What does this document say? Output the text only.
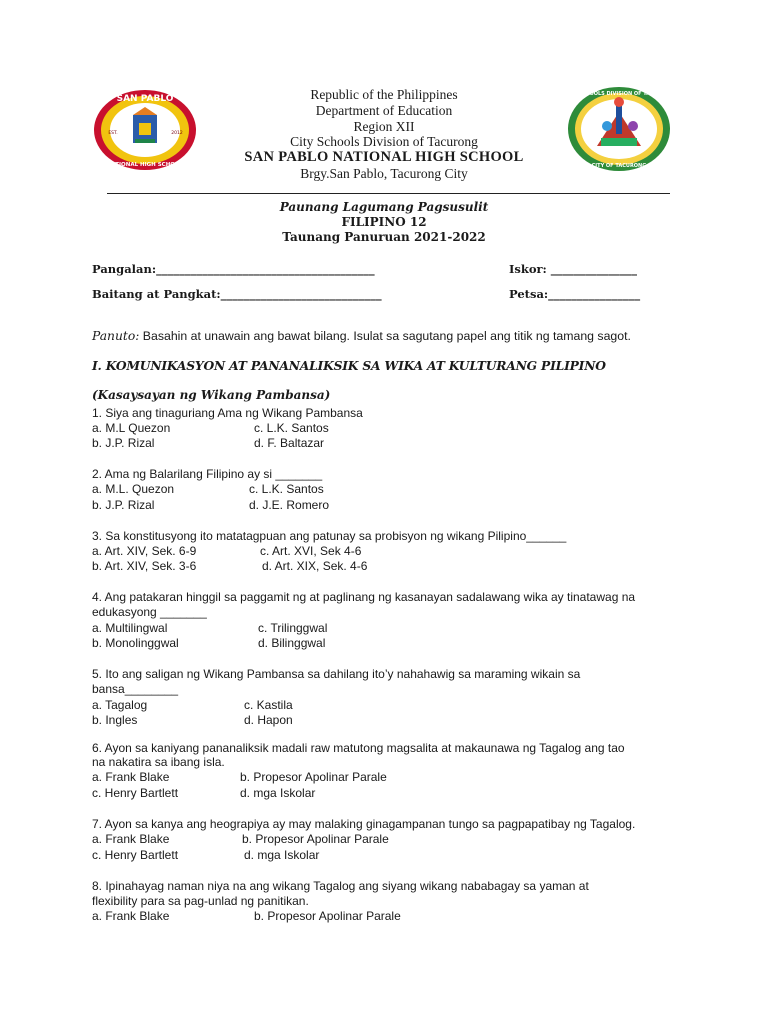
SAN PABLO
NATIONAL HIGH SCHOOL
EST.	2012
CITY SCHOOLS DIVISION OF TACURONG
CITY OF TACURONG
Republic of the Philippines
Department of Education
Region XII
City Schools Division of Tacurong
SAN PABLO NATIONAL HIGH SCHOOL
Brgy.San Pablo, Tacurong City
Paunang Lagumang Pagsusulit
FILIPINO 12
Taunang Panuruan 2021-2022
Pangalan:______________________________________	Iskor: _______________
Baitang at Pangkat:____________________________	Petsa:________________
Panuto: Basahin at unawain ang bawat bilang. Isulat sa sagutang papel ang titik ng tamang sagot.
I. KOMUNIKASYON AT PANANALIKSIK SA WIKA AT KULTURANG PILIPINO
(Kasaysayan ng Wikang Pambansa)
1. Siya ang tinaguriang Ama ng Wikang Pambansa
a. M.L Quezon	c. L.K. Santos
b. J.P. Rizal	d. F. Baltazar
2. Ama ng Balarilang Filipino ay si _______
a. M.L. Quezon	c. L.K. Santos
b. J.P. Rizal	d. J.E. Romero
3. Sa konstitusyong ito matatagpuan ang patunay sa probisyon ng wikang Pilipino______
a. Art. XIV, Sek. 6-9	c. Art. XVI, Sek 4-6
b. Art. XIV, Sek. 3-6	d. Art. XIX, Sek. 4-6
4. Ang patakaran hinggil sa paggamit ng at paglinang ng kasanayan sadalawang wika ay tinatawag na
edukasyong _______
a. Multilingwal	c. Trilinggwal
b. Monolinggwal	d. Bilinggwal
5. Ito ang saligan ng Wikang Pambansa sa dahilang ito’y nahahawig sa maraming wikain sa
bansa________
a. Tagalog	c. Kastila
b. Ingles	d. Hapon
6. Ayon sa kaniyang pananaliksik madali raw matutong magsalita at makaunawa ng Tagalog ang tao
na nakatira sa ibang isla.
a. Frank Blake	b. Propesor Apolinar Parale
c. Henry Bartlett	d. mga Iskolar
7. Ayon sa kanya ang heograpiya ay may malaking ginagampanan tungo sa pagpapatibay ng Tagalog.
a. Frank Blake	b. Propesor Apolinar Parale
c. Henry Bartlett	d. mga Iskolar
8. Ipinahayag naman niya na ang wikang Tagalog ang siyang wikang nababagay sa yaman at
flexibility para sa pag-unlad ng panitikan.
a. Frank Blake	b. Propesor Apolinar Parale
